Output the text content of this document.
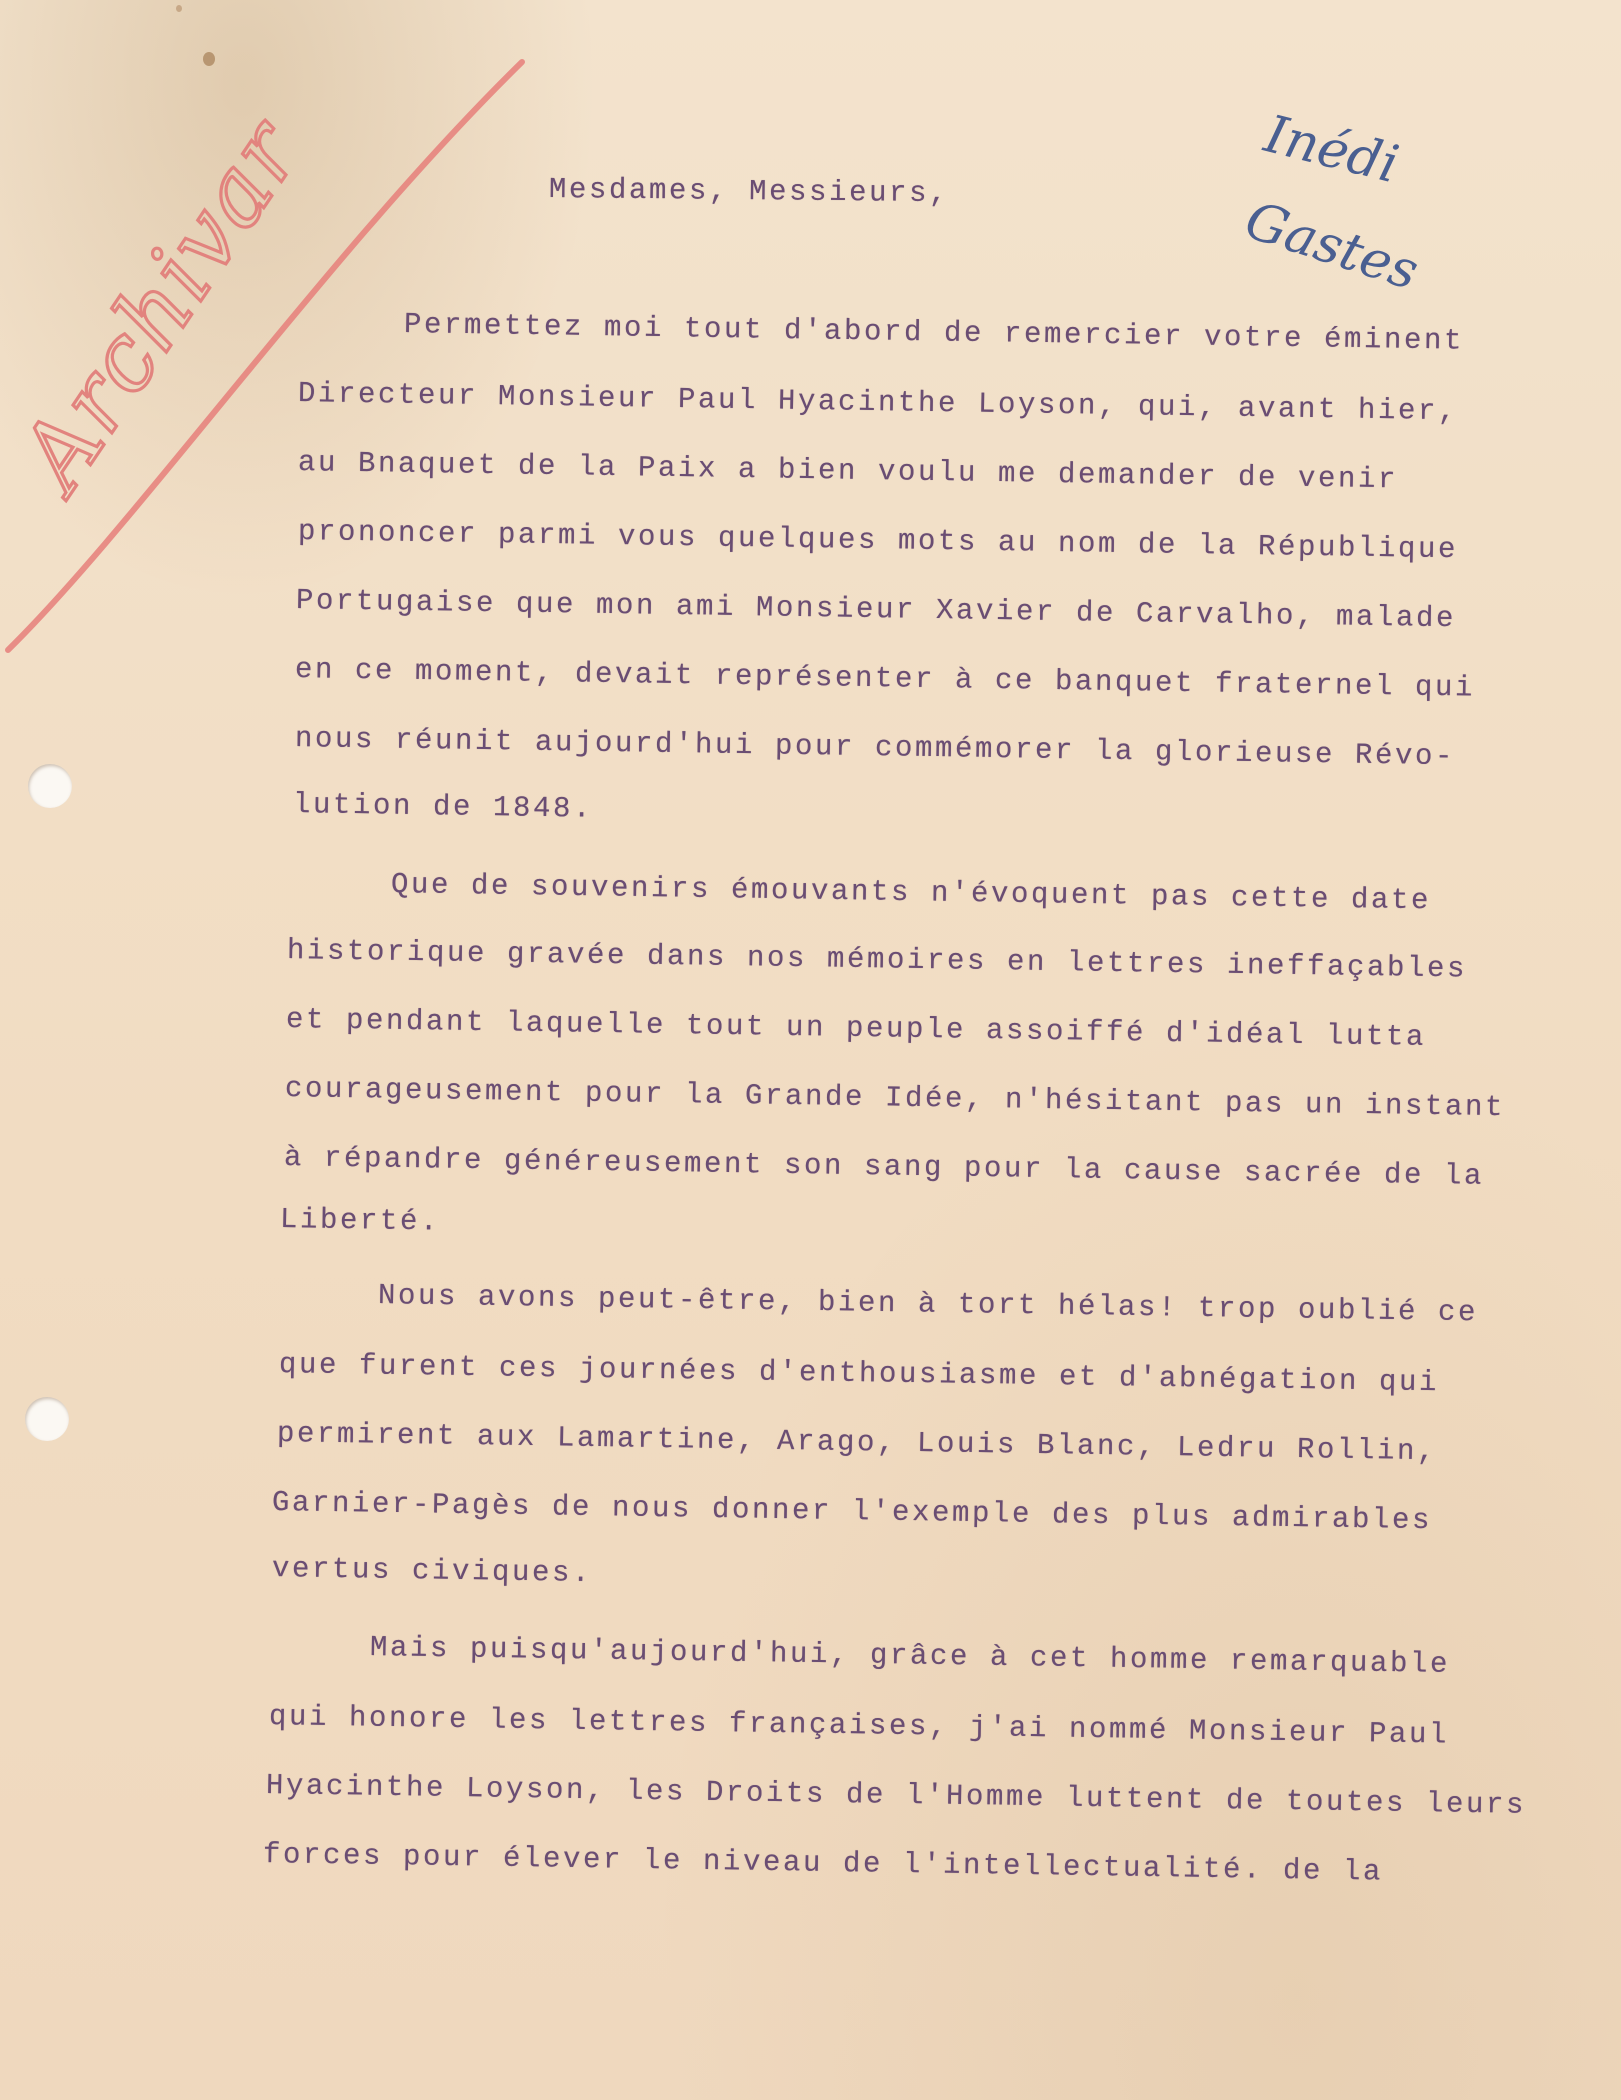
Archivar	Inédi
Gastes
Mesdames, Messieurs,
Permettez moi tout d'abord de remercier votre éminent
Directeur Monsieur Paul Hyacinthe Loyson, qui, avant hier,
au Bnaquet de la Paix a bien voulu me demander de venir
prononcer parmi vous quelques mots au nom de la République
Portugaise que mon ami Monsieur Xavier de Carvalho, malade
en ce moment, devait représenter à ce banquet fraternel qui
nous réunit aujourd'hui pour commémorer la glorieuse Révo-
lution de 1848.
Que de souvenirs émouvants n'évoquent pas cette date
historique gravée dans nos mémoires en lettres ineffaçables
et pendant laquelle tout un peuple assoiffé d'idéal lutta
courageusement pour la Grande Idée, n'hésitant pas un instant
à répandre généreusement son sang pour la cause sacrée de la
Liberté.
Nous avons peut-être, bien à tort hélas! trop oublié ce
que furent ces journées d'enthousiasme et d'abnégation qui
permirent aux Lamartine, Arago, Louis Blanc, Ledru Rollin,
Garnier-Pagès de nous donner l'exemple des plus admirables
vertus civiques.
Mais puisqu'aujourd'hui, grâce à cet homme remarquable
qui honore les lettres françaises, j'ai nommé Monsieur Paul
Hyacinthe Loyson, les Droits de l'Homme luttent de toutes leurs
forces pour élever le niveau de l'intellectualité. de la
